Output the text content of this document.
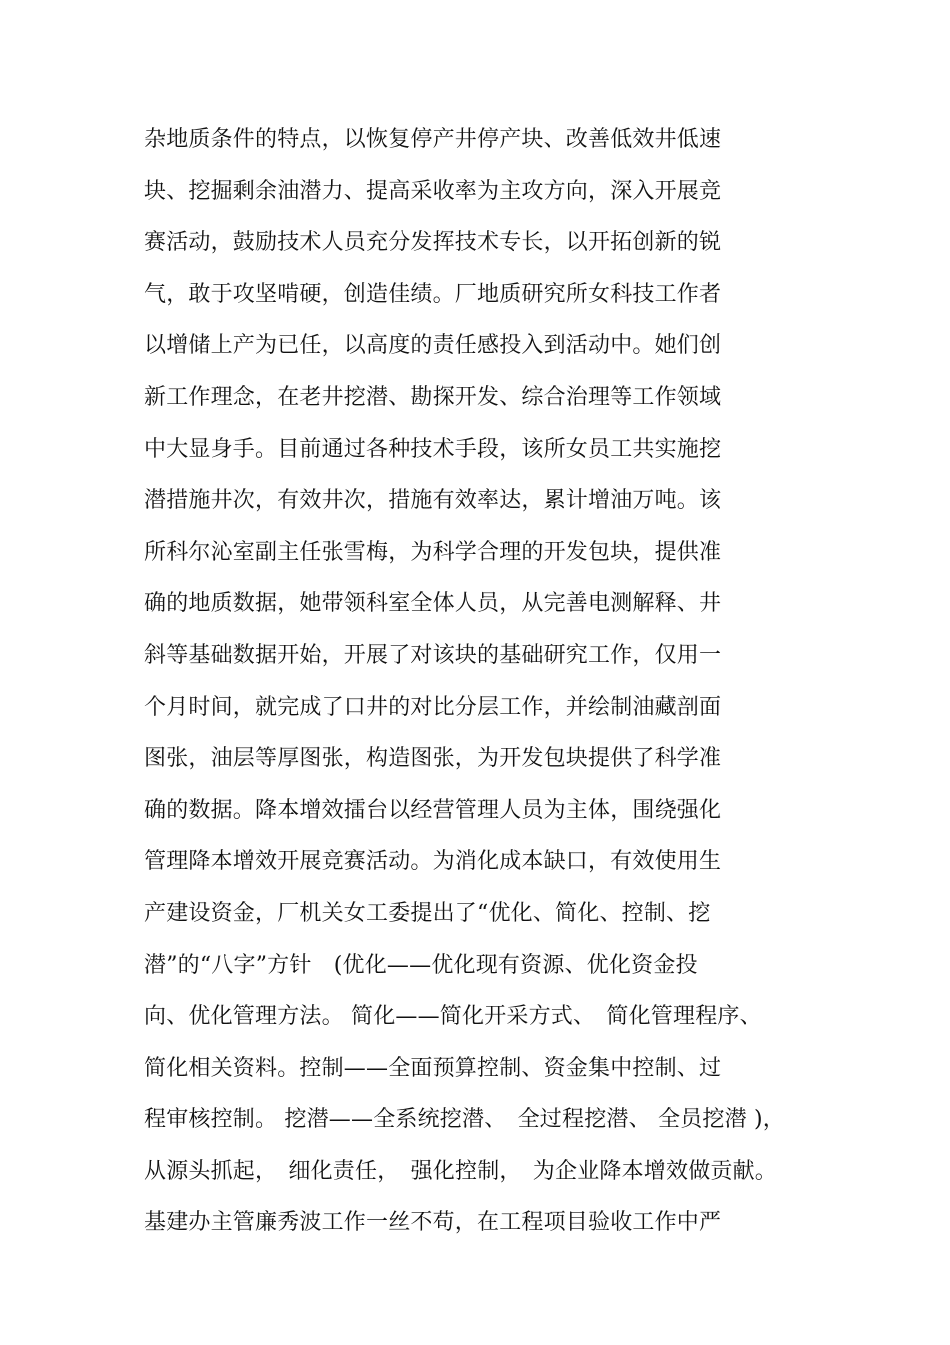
杂地质条件的特点，以恢复停产井停产块、改善低效井低速
块、挖掘剩余油潜力、提高采收率为主攻方向，深入开展竞
赛活动，鼓励技术人员充分发挥技术专长，以开拓创新的锐
气，敢于攻坚啃硬，创造佳绩。厂地质研究所女科技工作者
以增储上产为已任，以高度的责任感投入到活动中。她们创
新工作理念，在老井挖潜、勘探开发、综合治理等工作领域
中大显身手。目前通过各种技术手段，该所女员工共实施挖
潜措施井次，有效井次，措施有效率达，累计增油万吨。该
所科尔沁室副主任张雪梅，为科学合理的开发包块，提供准
确的地质数据，她带领科室全体人员，从完善电测解释、井
斜等基础数据开始，开展了对该块的基础研究工作，仅用一
个月时间，就完成了口井的对比分层工作，并绘制油藏剖面
图张，油层等厚图张，构造图张，为开发包块提供了科学准
确的数据。降本增效擂台以经营管理人员为主体，围绕强化
管理降本增效开展竞赛活动。为消化成本缺口，有效使用生
产建设资金，厂机关女工委提出了“优化、简化、控制、挖
潜”的“八字”方针　(优化——优化现有资源、优化资金投
向、优化管理方法。 简化——简化开采方式、　简化管理程序、
简化相关资料。控制——全面预算控制、资金集中控制、过
程审核控制。 挖潜——全系统挖潜、　全过程挖潜、 全员挖潜 )，
从源头抓起，　细化责任，　强化控制，　为企业降本增效做贡献。
基建办主管廉秀波工作一丝不苟，在工程项目验收工作中严
